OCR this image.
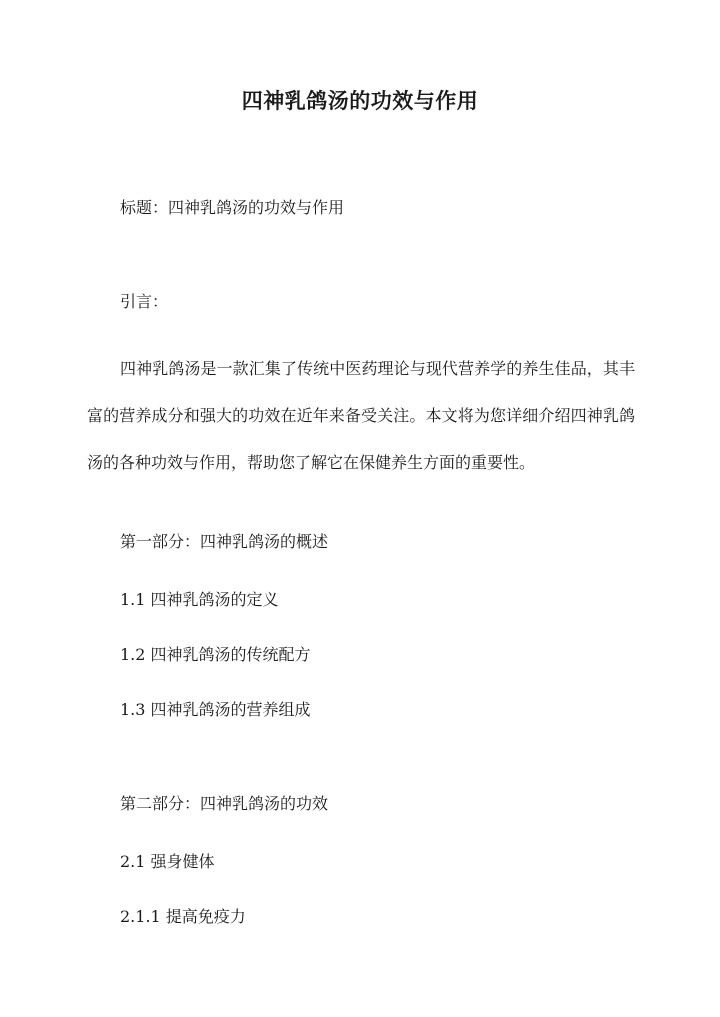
四神乳鸽汤的功效与作用
标题：四神乳鸽汤的功效与作用
引言：
四神乳鸽汤是一款汇集了传统中医药理论与现代营养学的养生佳品，其丰富的营养成分和强大的功效在近年来备受关注。本文将为您详细介绍四神乳鸽汤的各种功效与作用，帮助您了解它在保健养生方面的重要性。
第一部分：四神乳鸽汤的概述
1.1 四神乳鸽汤的定义
1.2 四神乳鸽汤的传统配方
1.3 四神乳鸽汤的营养组成
第二部分：四神乳鸽汤的功效
2.1 强身健体
2.1.1 提高免疫力
